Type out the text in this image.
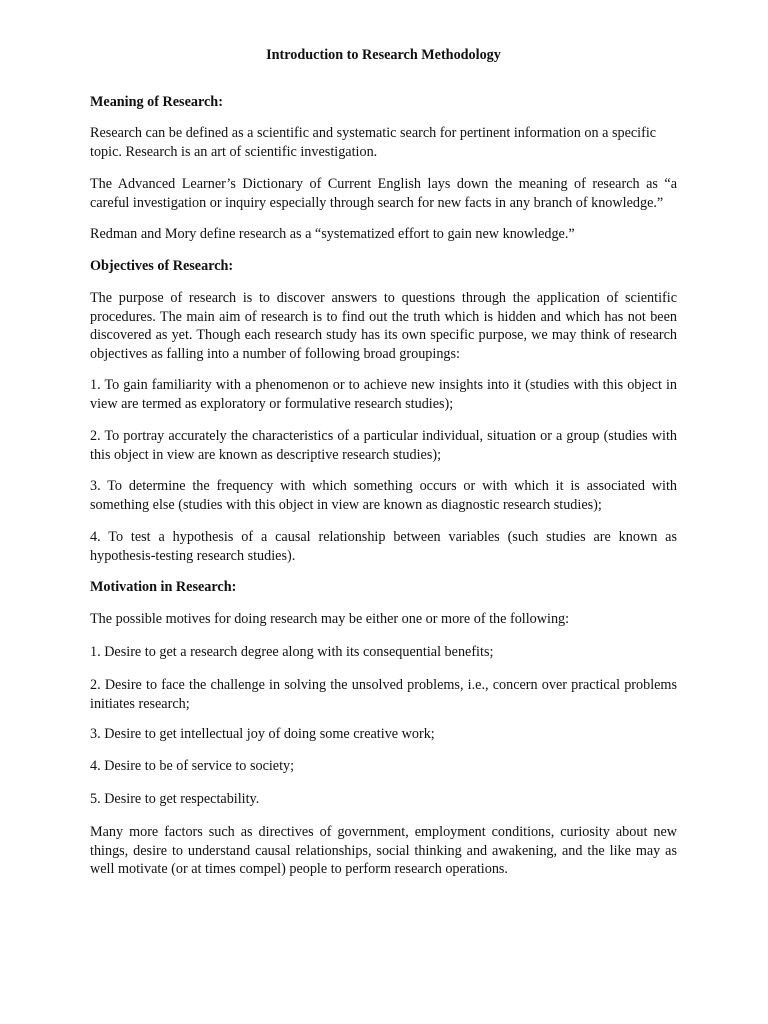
Introduction to Research Methodology

Meaning of Research:

Research can be defined as a scientific and systematic search for pertinent information on a specific topic. Research is an art of scientific investigation.

The Advanced Learner’s Dictionary of Current English lays down the meaning of research as “a careful investigation or inquiry especially through search for new facts in any branch of knowledge.”

Redman and Mory define research as a “systematized effort to gain new knowledge.”

Objectives of Research:

The purpose of research is to discover answers to questions through the application of scientific procedures. The main aim of research is to find out the truth which is hidden and which has not been discovered as yet. Though each research study has its own specific purpose, we may think of research objectives as falling into a number of following broad groupings:

1. To gain familiarity with a phenomenon or to achieve new insights into it (studies with this object in view are termed as exploratory or formulative research studies);

2. To portray accurately the characteristics of a particular individual, situation or a group (studies with this object in view are known as descriptive research studies);

3. To determine the frequency with which something occurs or with which it is associated with something else (studies with this object in view are known as diagnostic research studies);

4. To test a hypothesis of a causal relationship between variables (such studies are known as hypothesis-testing research studies).

Motivation in Research:

The possible motives for doing research may be either one or more of the following:

1. Desire to get a research degree along with its consequential benefits;

2. Desire to face the challenge in solving the unsolved problems, i.e., concern over practical problems initiates research;

3. Desire to get intellectual joy of doing some creative work;

4. Desire to be of service to society;

5. Desire to get respectability.

Many more factors such as directives of government, employment conditions, curiosity about new things, desire to understand causal relationships, social thinking and awakening, and the like may as well motivate (or at times compel) people to perform research operations.
